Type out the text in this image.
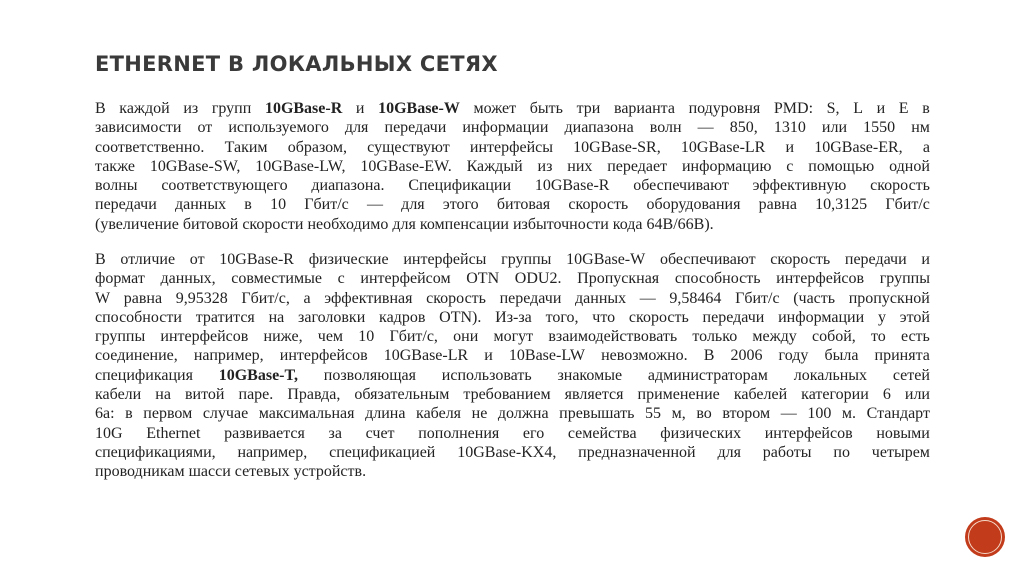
ETHERNET В ЛОКАЛЬНЫХ СЕТЯХ
В каждой из групп 10GBase-R и 10GBase-W может быть три варианта подуровня PMD: S, L и E в
зависимости от используемого для передачи информации диапазона волн — 850, 1310 или 1550 нм
соответственно. Таким образом, существуют интерфейсы 10GBase-SR, 10GBase-LR и 10GBase-ER, а
также 10GBase-SW, 10GBase-LW, 10GBase-EW. Каждый из них передает информацию с помощью одной
волны соответствующего диапазона. Спецификации 10GBase-R обеспечивают эффективную скорость
передачи данных в 10 Гбит/с — для этого битовая скорость оборудования равна 10,3125 Гбит/с
(увеличение битовой скорости необходимо для компенсации избыточности кода 64B/66B).
В отличие от 10GBase-R физические интерфейсы группы 10GBase-W обеспечивают скорость передачи и
формат данных, совместимые с интерфейсом OTN ODU2. Пропускная способность интерфейсов группы
W равна 9,95328 Гбит/с, а эффективная скорость передачи данных — 9,58464 Гбит/с (часть пропускной
способности тратится на заголовки кадров OTN). Из-за того, что скорость передачи информации у этой
группы интерфейсов ниже, чем 10 Гбит/с, они могут взаимодействовать только между собой, то есть
соединение, например, интерфейсов 10GBase-LR и 10Base-LW невозможно. В 2006 году была принята
спецификация 10GBase-T, позволяющая использовать знакомые администраторам локальных сетей
кабели на витой паре. Правда, обязательным требованием является применение кабелей категории 6 или
6а: в первом случае максимальная длина кабеля не должна превышать 55 м, во втором — 100 м. Стандарт
10G Ethernet развивается за счет пополнения его семейства физических интерфейсов новыми
спецификациями, например, спецификацией 10GBase-KX4, предназначенной для работы по четырем
проводникам шасси сетевых устройств.
